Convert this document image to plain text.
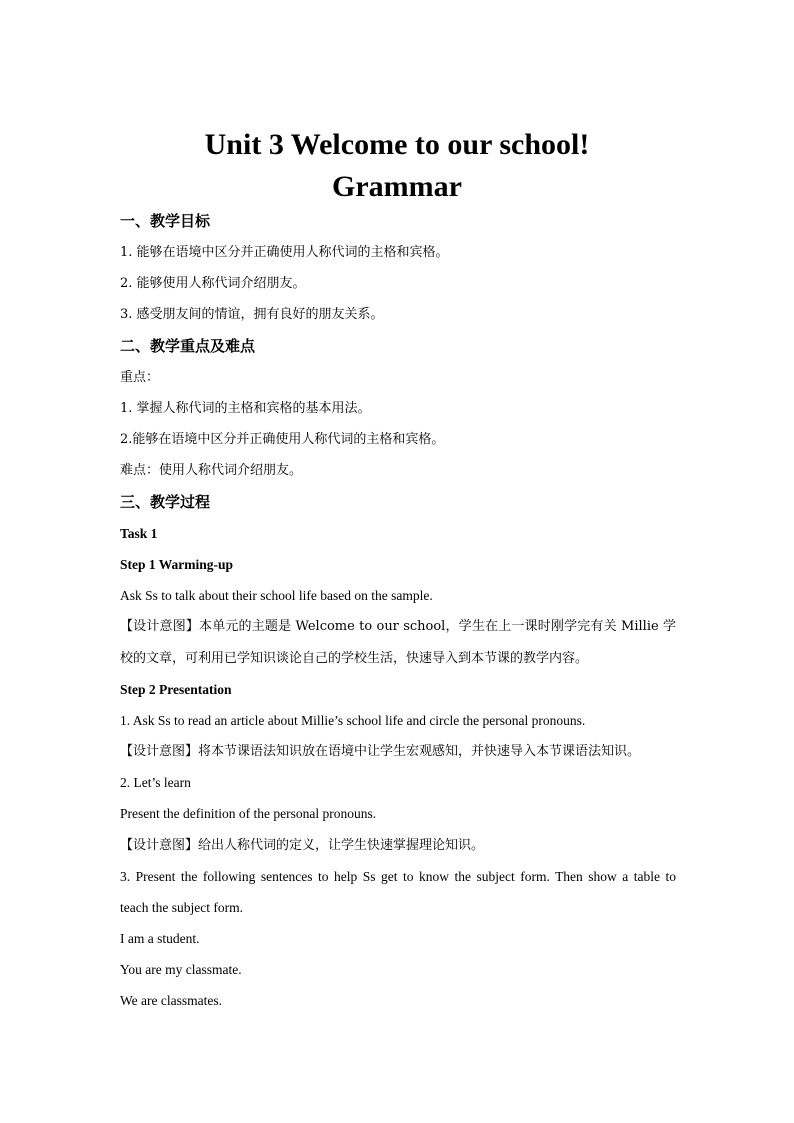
Unit 3 Welcome to our school!
Grammar
一、教学目标
1. 能够在语境中区分并正确使用人称代词的主格和宾格。
2. 能够使用人称代词介绍朋友。
3. 感受朋友间的情谊，拥有良好的朋友关系。
二、教学重点及难点
重点：
1. 掌握人称代词的主格和宾格的基本用法。
2.能够在语境中区分并正确使用人称代词的主格和宾格。
难点：使用人称代词介绍朋友。
三、教学过程
Task 1
Step 1 Warming-up
Ask Ss to talk about their school life based on the sample.
【设计意图】本单元的主题是 Welcome to our school，学生在上一课时刚学完有关 Millie 学
校的文章，可利用已学知识谈论自己的学校生活，快速导入到本节课的教学内容。
Step 2 Presentation
1. Ask Ss to read an article about Millie’s school life and circle the personal pronouns.
【设计意图】将本节课语法知识放在语境中让学生宏观感知，并快速导入本节课语法知识。
2. Let’s learn
Present the definition of the personal pronouns.
【设计意图】给出人称代词的定义，让学生快速掌握理论知识。
3. Present the following sentences to help Ss get to know the subject form. Then show a table to
teach the subject form.
I am a student.
You are my classmate.
We are classmates.
